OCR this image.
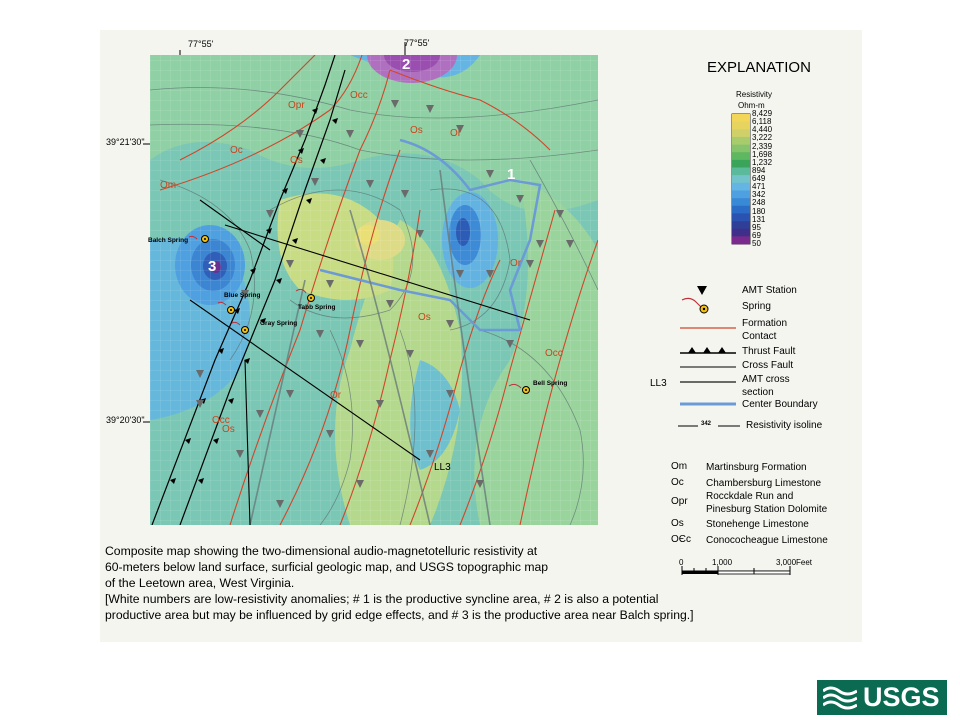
77°55'	77°55'
39°21'30"
39°20'30"
1
2
3
Opr
Occ
Oc
Os	Or
Om
Os
Occ
Or
Os
Occ
Os
Or
Balch Spring
Blue Spring
Gray Spring
Tabb Spring
Bell Spring
LL3
EXPLANATION
Resistivity
Ohm-m
8,429
6,118
4,440
3,222
2,339
1,698
1,232
894
649
471
342
248
180
131
95
69
50
AMT Station
Spring
Formation
Contact
Thrust Fault
Cross Fault
LL3	AMT cross
section
Center Boundary
342	Resistivity isoline
Om Martinsburg Formation
Oc Chambersburg Limestone
Opr Rocckdale Run and
Pinesburg Station Dolomite
Os Stonehenge Limestone
OЄc Conococheague Limestone
0	1,000	3,000 Feet
Composite map showing the two-dimensional audio-magnetotelluric resistivity at
60-meters below land surface, surficial geologic map, and USGS topographic map
of the Leetown area, West Virginia.
[White numbers are low-resistivity anomalies; # 1 is the productive syncline area, # 2 is also a potential productive area but may be influenced by grid edge effects, and # 3 is the productive area near Balch spring.]
USGS
